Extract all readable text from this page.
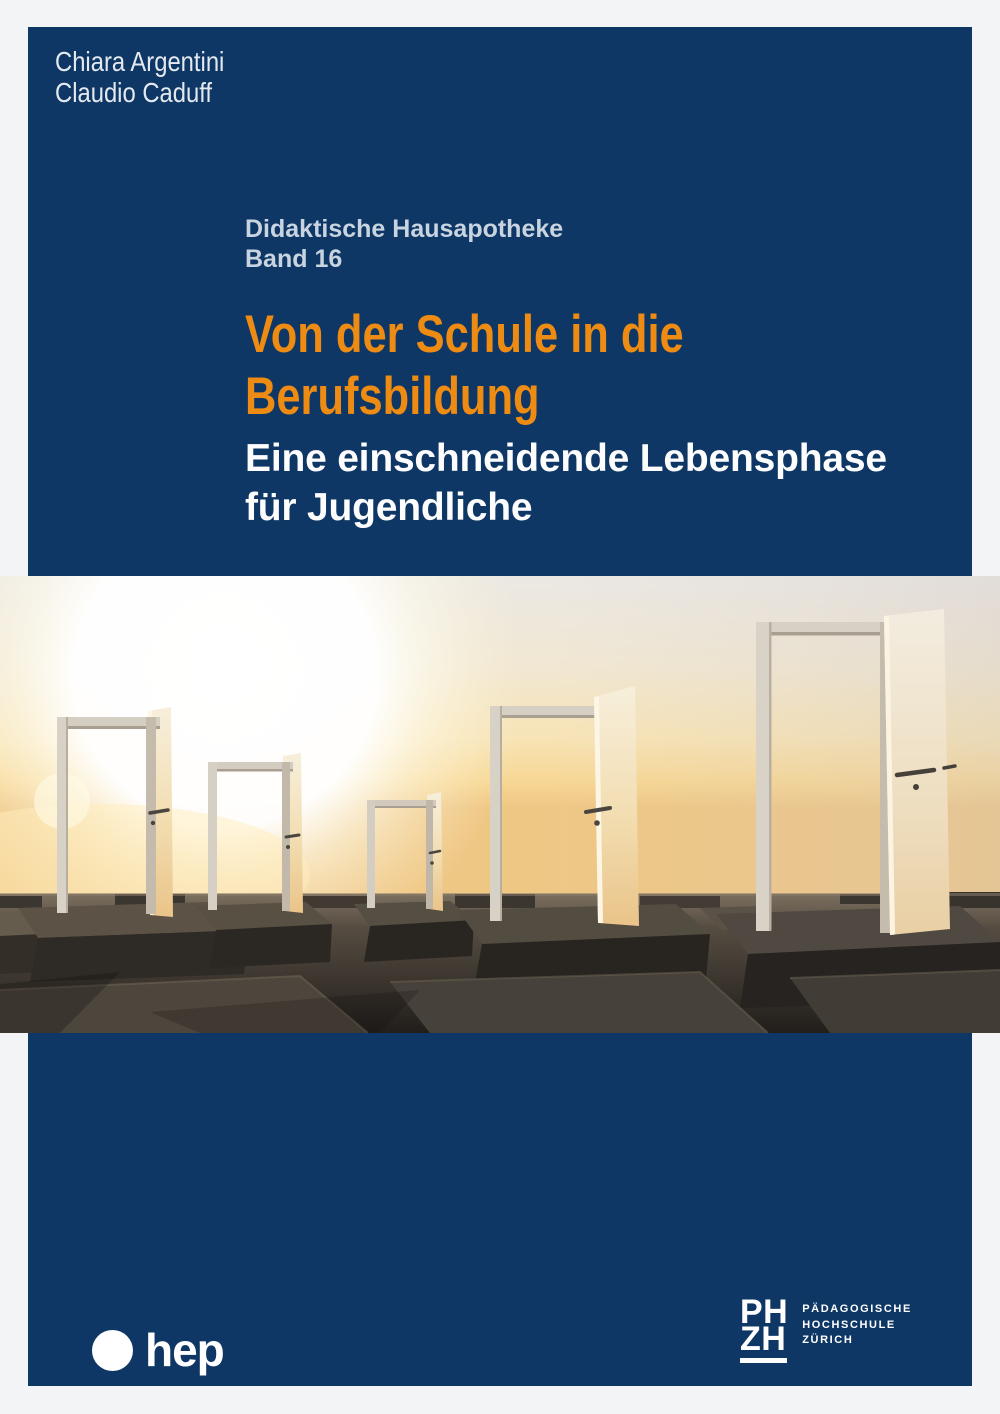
Chiara Argentini
Claudio Caduff
Didaktische Hausapotheke
Band 16
Von der Schule in die
Berufsbildung
Eine einschneidende Lebensphase
für Jugendliche
hep
PH
ZH
PÄDAGOGISCHE
HOCHSCHULE
ZÜRICH
